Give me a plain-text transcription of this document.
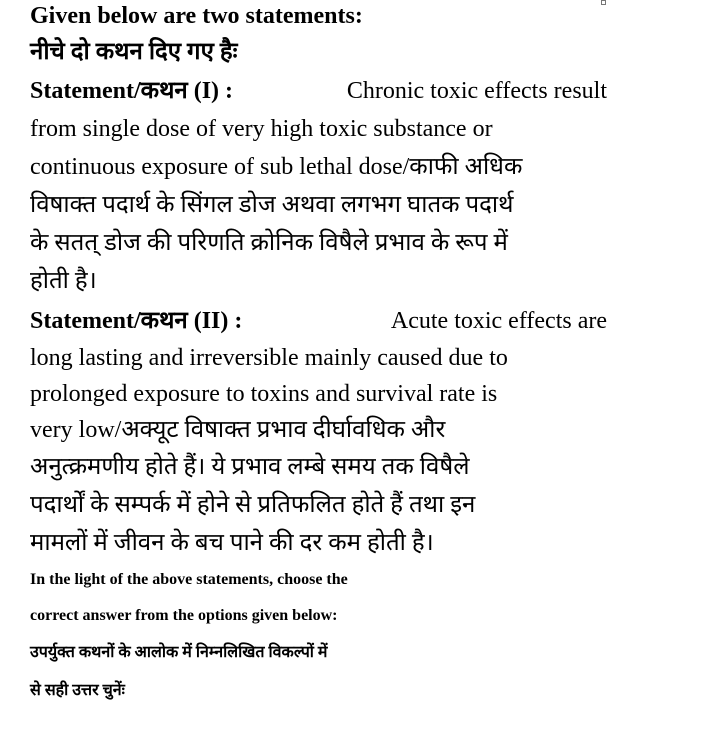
Given below are two statements:
नीचे दो कथन दिए गए हैः
Statement/कथन (I) :	Chronic toxic effects result
from single dose of very high toxic substance or
continuous exposure of sub lethal dose/काफी अधिक
विषाक्त पदार्थ के सिंगल डोज अथवा लगभग घातक पदार्थ
के सतत् डोज की परिणति क्रोनिक विषैले प्रभाव के रूप में
होती है।
Statement/कथन (II) :	Acute toxic effects are
long lasting and irreversible mainly caused due to
prolonged exposure to toxins and survival rate is
very low/अक्यूट विषाक्त प्रभाव दीर्घावधिक और
अनुत्क्रमणीय होते हैं। ये प्रभाव लम्बे समय तक विषैले
पदार्थों के सम्पर्क में होने से प्रतिफलित होते हैं तथा इन
मामलों में जीवन के बच पाने की दर कम होती है।
In the light of the above statements, choose the
correct answer from the options given below:
उपर्युक्त कथनों के आलोक में निम्नलिखित विकल्पों में
से सही उत्तर चुनेंः
